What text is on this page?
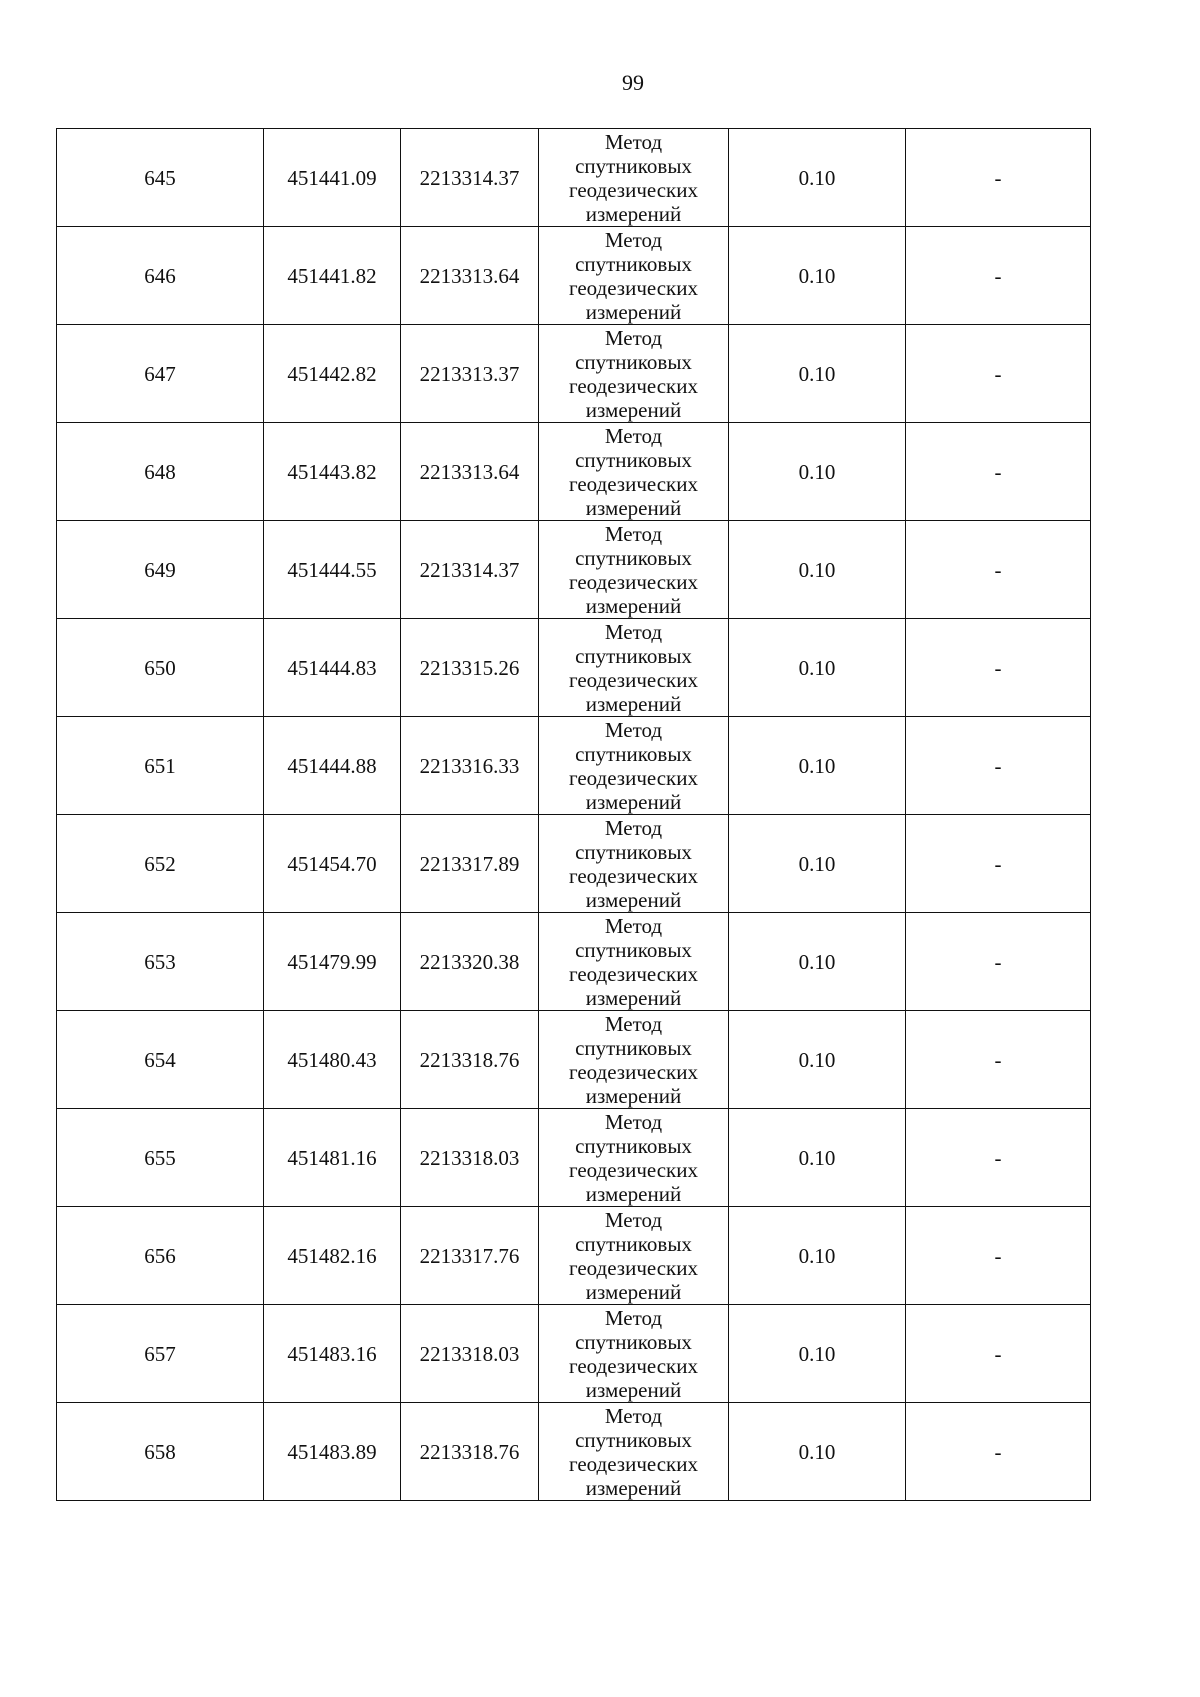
99
645	451441.09	2213314.37	Метод
спутниковых
геодезических
измерений	0.10	-
646	451441.82	2213313.64	Метод
спутниковых
геодезических
измерений	0.10	-
647	451442.82	2213313.37	Метод
спутниковых
геодезических
измерений	0.10	-
648	451443.82	2213313.64	Метод
спутниковых
геодезических
измерений	0.10	-
649	451444.55	2213314.37	Метод
спутниковых
геодезических
измерений	0.10	-
650	451444.83	2213315.26	Метод
спутниковых
геодезических
измерений	0.10	-
651	451444.88	2213316.33	Метод
спутниковых
геодезических
измерений	0.10	-
652	451454.70	2213317.89	Метод
спутниковых
геодезических
измерений	0.10	-
653	451479.99	2213320.38	Метод
спутниковых
геодезических
измерений	0.10	-
654	451480.43	2213318.76	Метод
спутниковых
геодезических
измерений	0.10	-
655	451481.16	2213318.03	Метод
спутниковых
геодезических
измерений	0.10	-
656	451482.16	2213317.76	Метод
спутниковых
геодезических
измерений	0.10	-
657	451483.16	2213318.03	Метод
спутниковых
геодезических
измерений	0.10	-
658	451483.89	2213318.76	Метод
спутниковых
геодезических
измерений	0.10	-
